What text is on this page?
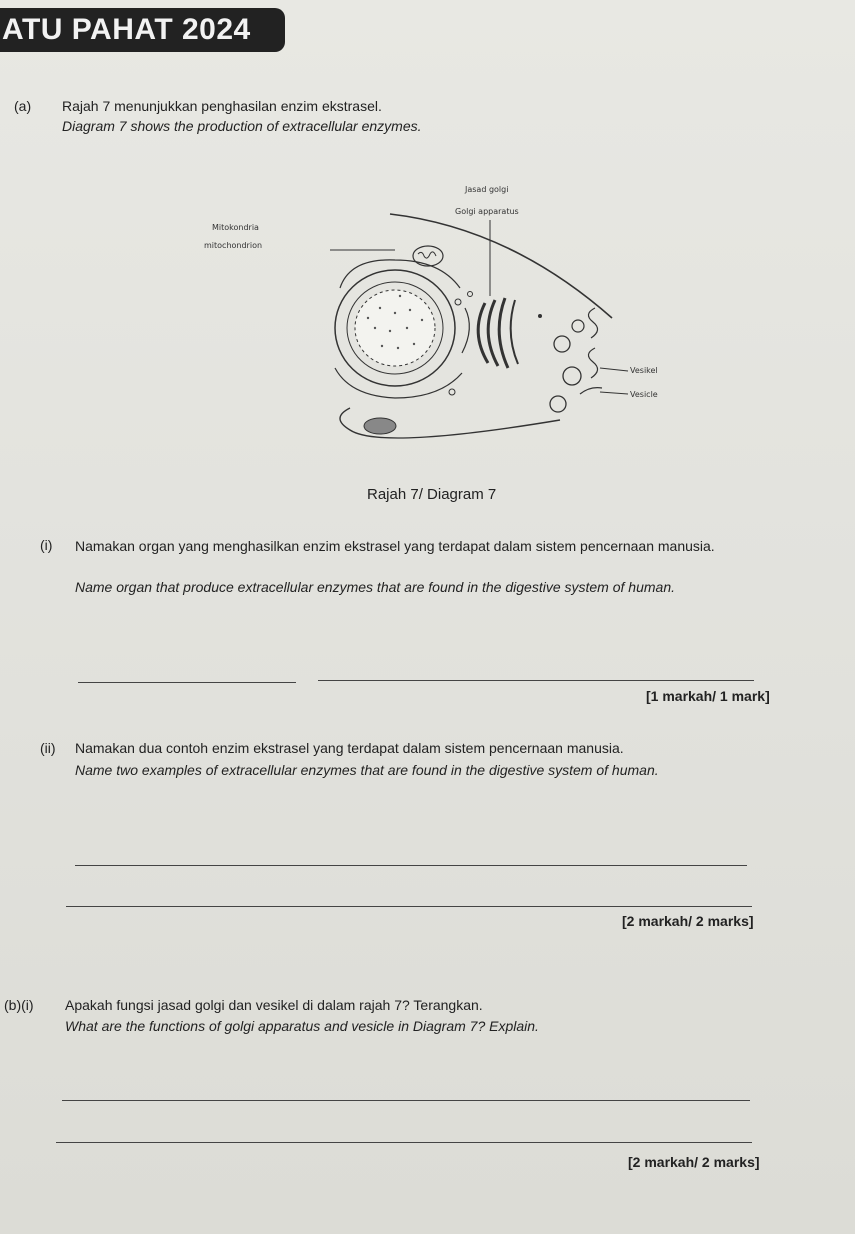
ATU PAHAT 2024
(a) Rajah 7 menunjukkan penghasilan enzim ekstrasel.
Diagram 7 shows the production of extracellular enzymes.
Jasad golgi
Golgi apparatus
Mitokondria
mitochondrion
Vesikel
Vesicle
Rajah 7/ Diagram 7
(i) Namakan organ yang menghasilkan enzim ekstrasel yang terdapat dalam sistem pencernaan manusia.
Name organ that produce extracellular enzymes that are found in the digestive system of human.
[1 markah/ 1 mark]
(ii) Namakan dua contoh enzim ekstrasel yang terdapat dalam sistem pencernaan manusia.
Name two examples of extracellular enzymes that are found in the digestive system of human.
[2 markah/ 2 marks]
(b)(i) Apakah fungsi jasad golgi dan vesikel di dalam rajah 7? Terangkan.
What are the functions of golgi apparatus and vesicle in Diagram 7? Explain.
[2 markah/ 2 marks]
